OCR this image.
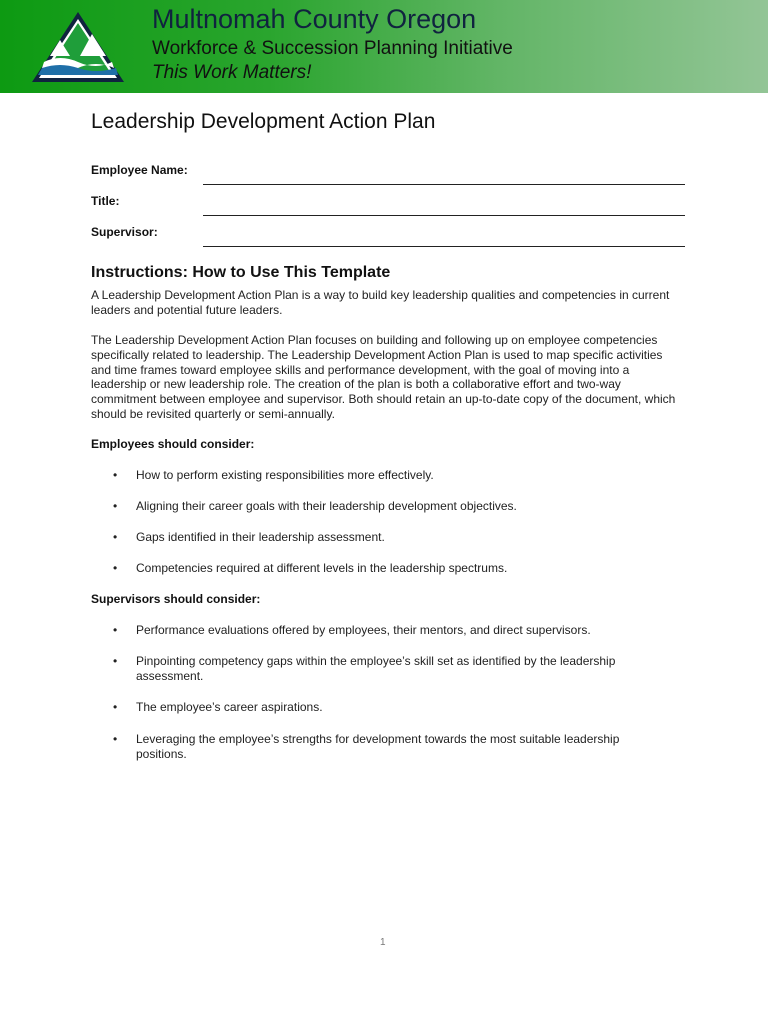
Multnomah County Oregon
Workforce & Succession Planning Initiative
This Work Matters!
Leadership Development Action Plan
Employee Name:
Title:
Supervisor:
Instructions: How to Use This Template

A Leadership Development Action Plan is a way to build key leadership qualities and competencies in current leaders and potential future leaders.

The Leadership Development Action Plan focuses on building and following up on employee competencies specifically related to leadership. The Leadership Development Action Plan is used to map specific activities and time frames toward employee skills and performance development, with the goal of moving into a leadership or new leadership role. The creation of the plan is both a collaborative effort and two-way commitment between employee and supervisor. Both should retain an up-to-date copy of the document, which should be revisited quarterly or semi-annually.

Employees should consider:

• How to perform existing responsibilities more effectively.
• Aligning their career goals with their leadership development objectives.
• Gaps identified in their leadership assessment.
• Competencies required at different levels in the leadership spectrums.

Supervisors should consider:

• Performance evaluations offered by employees, their mentors, and direct supervisors.
• Pinpointing competency gaps within the employee’s skill set as identified by the leadership assessment.
• The employee’s career aspirations.
• Leveraging the employee’s strengths for development towards the most suitable leadership positions.
1
